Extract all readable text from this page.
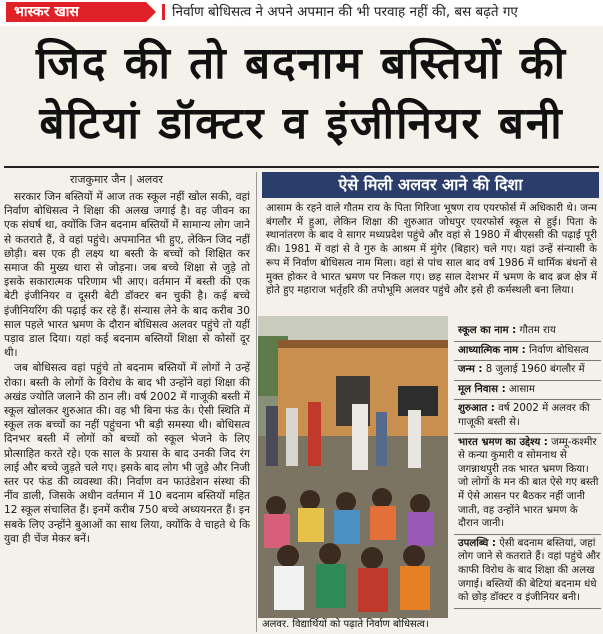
भास्कर खास	निर्वाण बोधिसत्व ने अपने अपमान की भी परवाह नहीं की, बस बढ़ते गए
जिद की तो बदनाम बस्तियों की
बेटियां डॉक्टर व इंजीनियर बनी
राजकुमार जैन | अलवर

सरकार जिन बस्तियों में आज तक स्कूल नहीं खोल सकी, वहां निर्वाण बोधिसत्व ने शिक्षा की अलख जगाई है। वह जीवन का एक संघर्ष था, क्योंकि जिन बदनाम बस्तियों में सामान्य लोग जाने से कतराते हैं, वे वहां पहुंचे। अपमानित भी हुए, लेकिन जिद नहीं छोड़ी। बस एक ही लक्ष्य था बस्ती के बच्चों को शिक्षित कर समाज की मुख्य धारा से जोड़ना। जब बच्चे शिक्षा से जुड़े तो इसके सकारात्मक परिणाम भी आए। वर्तमान में बस्ती की एक बेटी इंजीनियर व दूसरी बेटी डॉक्टर बन चुकी है। कई बच्चे इंजीनियरिंग की पढ़ाई कर रहे हैं। संन्यास लेने के बाद करीब 30 साल पहले भारत भ्रमण के दौरान बोधिसत्व अलवर पहुंचे तो यहीं पड़ाव डाल दिया। यहां कई बदनाम बस्तियों शिक्षा से कोसों दूर थी।

जब बोधिसत्व वहां पहुंचे तो बदनाम बस्तियों में लोगों ने उन्हें रोका। बस्ती के लोगों के विरोध के बाद भी उन्होंने वहां शिक्षा की अखंड ज्योति जलाने की ठान ली। वर्ष 2002 में गाजूकी बस्ती में स्कूल खोलकर शुरुआत की। वह भी बिना फंड के। ऐसी स्थिति में स्कूल तक बच्चों का नहीं पहुंचना भी बड़ी समस्या थी। बोधिसत्व दिनभर बस्ती में लोगों को बच्चों को स्कूल भेजने के लिए प्रोत्साहित करते रहे। एक साल के प्रयास के बाद उनकी जिद रंग लाई और बच्चे जुड़ते चले गए। इसके बाद लोग भी जुड़े और निजी स्तर पर फंड की व्यवस्था की। निर्वाण वन फाउंडेशन संस्था की नींव डाली, जिसके अधीन वर्तमान में 10 बदनाम बस्तियों महित 12 स्कूल संचालित हैं। इनमें करीब 750 बच्चे अध्ययनरत हैं। इन सबके लिए उन्होंने बुआओं का साथ लिया, क्योंकि वे चाहते थे कि युवा ही चेंज मेकर बनें।

ऐसे मिली अलवर आने की दिशा
आसाम के रहने वाले गौतम राय के पिता गिरिजा भूषण राय एयरफोर्स में अधिकारी थे। जन्म बंगलौर में हुआ, लेकिन शिक्षा की शुरुआत जोधपुर एयरफोर्स स्कूल से हुई। पिता के स्थानांतरण के बाद वे सागर मध्यप्रदेश पहुंचे और वहां से 1980 में बीएससी की पढ़ाई पूरी की। 1981 में वहां से वे गुरु के आश्रम में मुंगेर (बिहार) चले गए। यहां उन्हें संन्यासी के रूप में निर्वाण बोधिसत्व नाम मिला। वहां से पांच साल बाद वर्ष 1986 में धार्मिक बंधनों से मुक्त होकर वे भारत भ्रमण पर निकल गए। छह साल देशभर में भ्रमण के बाद ब्रज क्षेत्र में होते हुए महाराज भर्तृहरि की तपोभूमि अलवर पहुंचे और इसे ही कर्मस्थली बना लिया।
अलवर. विद्यार्थियों को पढ़ाते निर्वाण बोधिसत्व।
स्कूल का नाम : गौतम राय
आध्यात्मिक नाम : निर्वाण बोधिसत्व
जन्म : 8 जुलाई 1960 बंगलौर में
मूल निवास : आसाम
शुरुआत : वर्ष 2002 में अलवर की गाजूकी बस्ती से।
भारत भ्रमण का उद्देश्य : जम्मू-कश्मीर से कन्या कुमारी व सोमनाथ से जगन्नाथपुरी तक भारत भ्रमण किया। जो लोगों के मन की बात ऐसे गए बस्ती में ऐसे आसन पर बैठकर नहीं जानी जाती, वह उन्होंने भारत भ्रमण के दौरान जानी।
उपलब्धि : ऐसी बदनाम बस्तियां, जहां लोग जाने से कतराते हैं। वहां पहुंचे और काफी विरोध के बाद शिक्षा की अलख जगाई। बस्तियों की बेटियां बदनाम धंधे को छोड़ डॉक्टर व इंजीनियर बनी।
